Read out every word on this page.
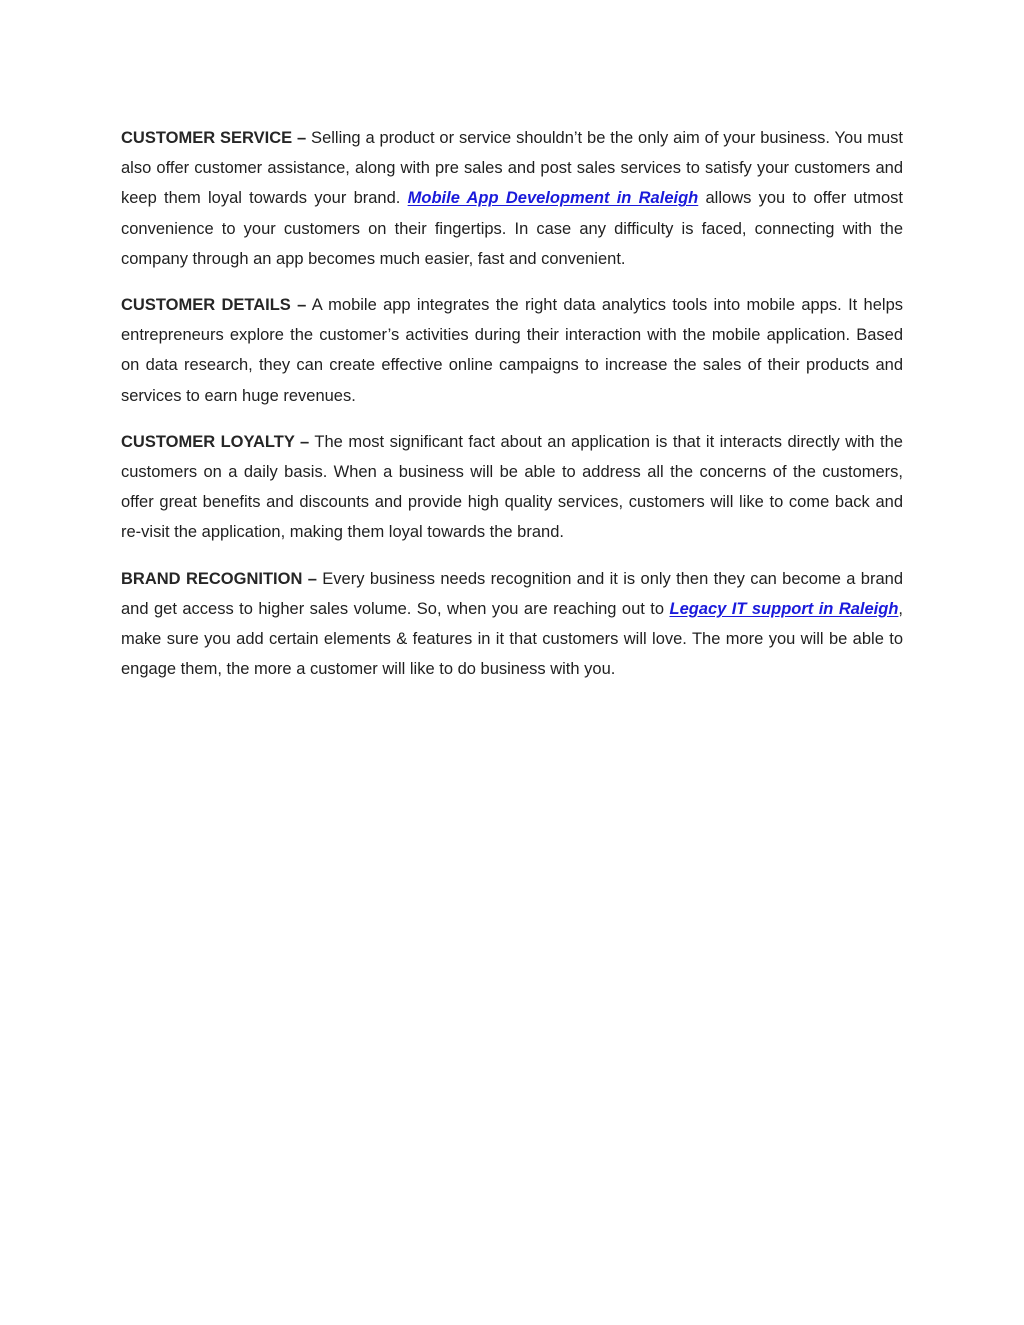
CUSTOMER SERVICE – Selling a product or service shouldn’t be the only aim of your business. You must also offer customer assistance, along with pre sales and post sales services to satisfy your customers and keep them loyal towards your brand. Mobile App Development in Raleigh allows you to offer utmost convenience to your customers on their fingertips. In case any difficulty is faced, connecting with the company through an app becomes much easier, fast and convenient.

CUSTOMER DETAILS – A mobile app integrates the right data analytics tools into mobile apps. It helps entrepreneurs explore the customer’s activities during their interaction with the mobile application. Based on data research, they can create effective online campaigns to increase the sales of their products and services to earn huge revenues.

CUSTOMER LOYALTY – The most significant fact about an application is that it interacts directly with the customers on a daily basis. When a business will be able to address all the concerns of the customers, offer great benefits and discounts and provide high quality services, customers will like to come back and re-visit the application, making them loyal towards the brand.

BRAND RECOGNITION – Every business needs recognition and it is only then they can become a brand and get access to higher sales volume. So, when you are reaching out to Legacy IT support in Raleigh, make sure you add certain elements & features in it that customers will love. The more you will be able to engage them, the more a customer will like to do business with you.
